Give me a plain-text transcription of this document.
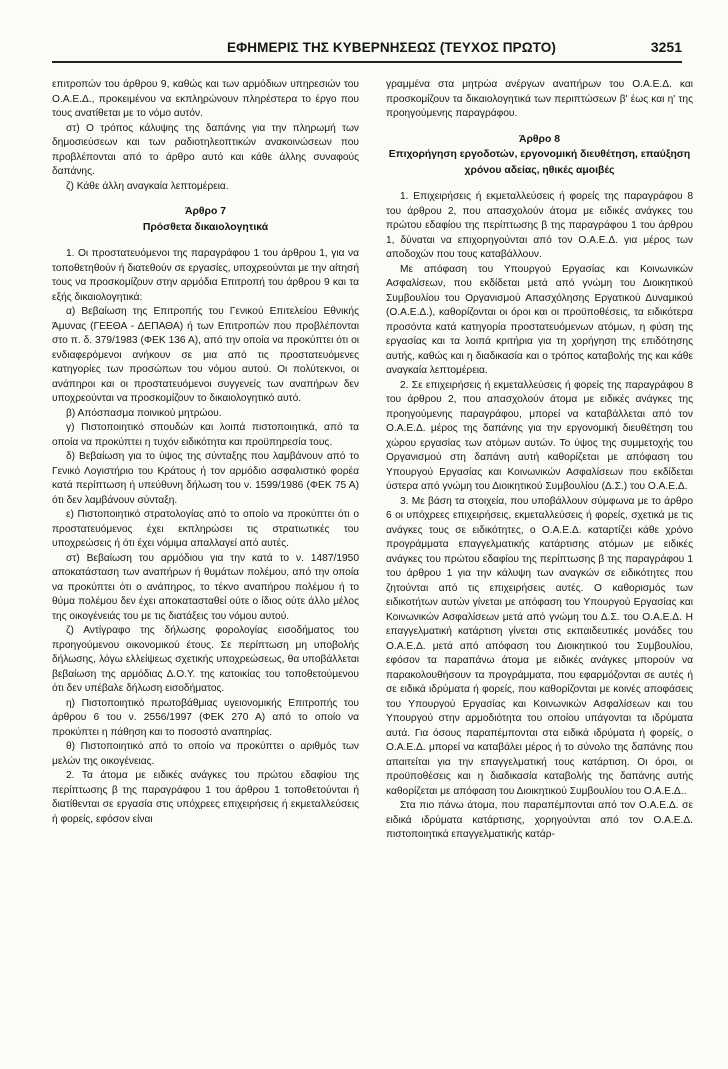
ΕΦΗΜΕΡΙΣ ΤΗΣ ΚΥΒΕΡΝΗΣΕΩΣ (ΤΕΥΧΟΣ ΠΡΩΤΟ)	3251

επιτροπών του άρθρου 9, καθώς και των αρμόδιων υπηρεσιών του Ο.Α.Ε.Δ., προκειμένου να εκπληρώνουν πληρέστερα το έργο που τους ανατίθεται με το νόμο αυτόν.

στ) Ο τρόπος κάλυψης της δαπάνης για την πληρωμή των δημοσιεύσεων και των ραδιοτηλεοπτικών ανακοινώσεων που προβλέπονται από το άρθρο αυτό και κάθε άλλης συναφούς δαπάνης.

ζ) Κάθε άλλη αναγκαία λεπτομέρεια.

Άρθρο 7

Πρόσθετα δικαιολογητικά

1. Οι προστατευόμενοι της παραγράφου 1 του άρθρου 1, για να τοποθετηθούν ή διατεθούν σε εργασίες, υποχρεούνται με την αίτησή τους να προσκομίζουν στην αρμόδια Επιτροπή του άρθρου 9 και τα εξής δικαιολογητικά:

α) Βεβαίωση της Επιτροπής του Γενικού Επιτελείου Εθνικής Άμυνας (ΓΕΕΘΑ - ΔΕΠΑΘΑ) ή των Επιτροπών που προβλέπονται στο π. δ. 379/1983 (ΦΕΚ 136 Α), από την οποία να προκύπτει ότι οι ενδιαφερόμενοι ανήκουν σε μια από τις προστατευόμενες κατηγορίες των προσώπων του νόμου αυτού. Οι πολύτεκνοι, οι ανάπηροι και οι προστατευόμενοι συγγενείς των αναπήρων δεν υποχρεούνται να προσκομίζουν το δικαιολογητικό αυτό.

β) Απόσπασμα ποινικού μητρώου.

γ) Πιστοποιητικό σπουδών και λοιπά πιστοποιητικά, από τα οποία να προκύπτει η τυχόν ειδικότητα και προϋπηρεσία τους.

δ) Βεβαίωση για το ύψος της σύνταξης που λαμβάνουν από το Γενικό Λογιστήριο του Κράτους ή τον αρμόδιο ασφαλιστικό φορέα κατά περίπτωση ή υπεύθυνη δήλωση του ν. 1599/1986 (ΦΕΚ 75 Α) ότι δεν λαμβάνουν σύνταξη.

ε) Πιστοποιητικό στρατολογίας από το οποίο να προκύπτει ότι ο προστατευόμενος έχει εκπληρώσει τις στρατιωτικές του υποχρεώσεις ή ότι έχει νόμιμα απαλλαγεί από αυτές.

στ) Βεβαίωση του αρμόδιου για την κατά το ν. 1487/1950 αποκατάσταση των αναπήρων ή θυμάτων πολέμου, από την οποία να προκύπτει ότι ο ανάπηρος, το τέκνο αναπήρου πολέμου ή το θύμα πολέμου δεν έχει αποκατασταθεί ούτε ο ίδιος ούτε άλλο μέλος της οικογένειάς του με τις διατάξεις του νόμου αυτού.

ζ) Αντίγραφο της δήλωσης φορολογίας εισοδήματος του προηγούμενου οικονομικού έτους. Σε περίπτωση μη υποβολής δήλωσης, λόγω ελλείψεως σχετικής υποχρεώσεως, θα υποβάλλεται βεβαίωση της αρμόδιας Δ.Ο.Υ. της κατοικίας του τοποθετούμενου ότι δεν υπέβαλε δήλωση εισοδήματος.

η) Πιστοποιητικό πρωτοβάθμιας υγειονομικής Επιτροπής του άρθρου 6 του ν. 2556/1997 (ΦΕΚ 270 Α) από το οποίο να προκύπτει η πάθηση και το ποσοστό αναπηρίας.

θ) Πιστοποιητικό από το οποίο να προκύπτει ο αριθμός των μελών της οικογένειας.

2. Τα άτομα με ειδικές ανάγκες του πρώτου εδαφίου της περίπτωσης β της παραγράφου 1 του άρθρου 1 τοποθετούνται ή διατίθενται σε εργασία στις υπόχρεες επιχειρήσεις ή εκμεταλλεύσεις ή φορείς, εφόσον είναι

γραμμένα στα μητρώα ανέργων αναπήρων του Ο.Α.Ε.Δ. και προσκομίζουν τα δικαιολογητικά των περιπτώσεων β' έως και η' της προηγούμενης παραγράφου.

Άρθρο 8

Επιχορήγηση εργοδοτών, εργονομική διευθέτηση, επαύξηση χρόνου αδείας, ηθικές αμοιβές

1. Επιχειρήσεις ή εκμεταλλεύσεις ή φορείς της παραγράφου 8 του άρθρου 2, που απασχολούν άτομα με ειδικές ανάγκες του πρώτου εδαφίου της περίπτωσης β της παραγράφου 1 του άρθρου 1, δύναται να επιχορηγούνται από τον Ο.Α.Ε.Δ. για μέρος των αποδοχών που τους καταβάλλουν.

Με απόφαση του Υπουργού Εργασίας και Κοινωνικών Ασφαλίσεων, που εκδίδεται μετά από γνώμη του Διοικητικού Συμβουλίου του Οργανισμού Απασχόλησης Εργατικού Δυναμικού (Ο.Α.Ε.Δ.), καθορίζονται οι όροι και οι προϋποθέσεις, τα ειδικότερα προσόντα κατά κατηγορία προστατευόμενων ατόμων, η φύση της εργασίας και τα λοιπά κριτήρια για τη χορήγηση της επιδότησης αυτής, καθώς και η διαδικασία και ο τρόπος καταβολής της και κάθε αναγκαία λεπτομέρεια.

2. Σε επιχειρήσεις ή εκμεταλλεύσεις ή φορείς της παραγράφου 8 του άρθρου 2, που απασχολούν άτομα με ειδικές ανάγκες της προηγούμενης παραγράφου, μπορεί να καταβάλλεται από τον Ο.Α.Ε.Δ. μέρος της δαπάνης για την εργονομική διευθέτηση του χώρου εργασίας των ατόμων αυτών. Το ύψος της συμμετοχής του Οργανισμού στη δαπάνη αυτή καθορίζεται με απόφαση του Υπουργού Εργασίας και Κοινωνικών Ασφαλίσεων που εκδίδεται ύστερα από γνώμη του Διοικητικού Συμβουλίου (Δ.Σ.) του Ο.Α.Ε.Δ.

3. Με βάση τα στοιχεία, που υποβάλλουν σύμφωνα με το άρθρο 6 οι υπόχρεες επιχειρήσεις, εκμεταλλεύσεις ή φορείς, σχετικά με τις ανάγκες τους σε ειδικότητες, ο Ο.Α.Ε.Δ. καταρτίζει κάθε χρόνο προγράμματα επαγγελματικής κατάρτισης ατόμων με ειδικές ανάγκες του πρώτου εδαφίου της περίπτωσης β της παραγράφου 1 του άρθρου 1 για την κάλυψη των αναγκών σε ειδικότητες που ζητούνται από τις επιχειρήσεις αυτές. Ο καθορισμός των ειδικοτήτων αυτών γίνεται με απόφαση του Υπουργού Εργασίας και Κοινωνικών Ασφαλίσεων μετά από γνώμη του Δ.Σ. του Ο.Α.Ε.Δ. Η επαγγελματική κατάρτιση γίνεται στις εκπαιδευτικές μονάδες του Ο.Α.Ε.Δ. μετά από απόφαση του Διοικητικού του Συμβουλίου, εφόσον τα παραπάνω άτομα με ειδικές ανάγκες μπορούν να παρακολουθήσουν τα προγράμματα, που εφαρμόζονται σε αυτές ή σε ειδικά ιδρύματα ή φορείς, που καθορίζονται με κοινές αποφάσεις του Υπουργού Εργασίας και Κοινωνικών Ασφαλίσεων και του Υπουργού στην αρμοδιότητα του οποίου υπάγονται τα ιδρύματα αυτά. Για όσους παραπέμπονται στα ειδικά ιδρύματα ή φορείς, ο Ο.Α.Ε.Δ. μπορεί να καταβάλει μέρος ή το σύνολο της δαπάνης που απαιτείται για την επαγγελματική τους κατάρτιση. Οι όροι, οι προϋποθέσεις και η διαδικασία καταβολής της δαπάνης αυτής καθορίζεται με απόφαση του Διοικητικού Συμβουλίου του Ο.Α.Ε.Δ..

Στα πιο πάνω άτομα, που παραπέμπονται από τον Ο.Α.Ε.Δ. σε ειδικά ιδρύματα κατάρτισης, χορηγούνται από τον Ο.Α.Ε.Δ. πιστοποιητικά επαγγελματικής κατάρ-
